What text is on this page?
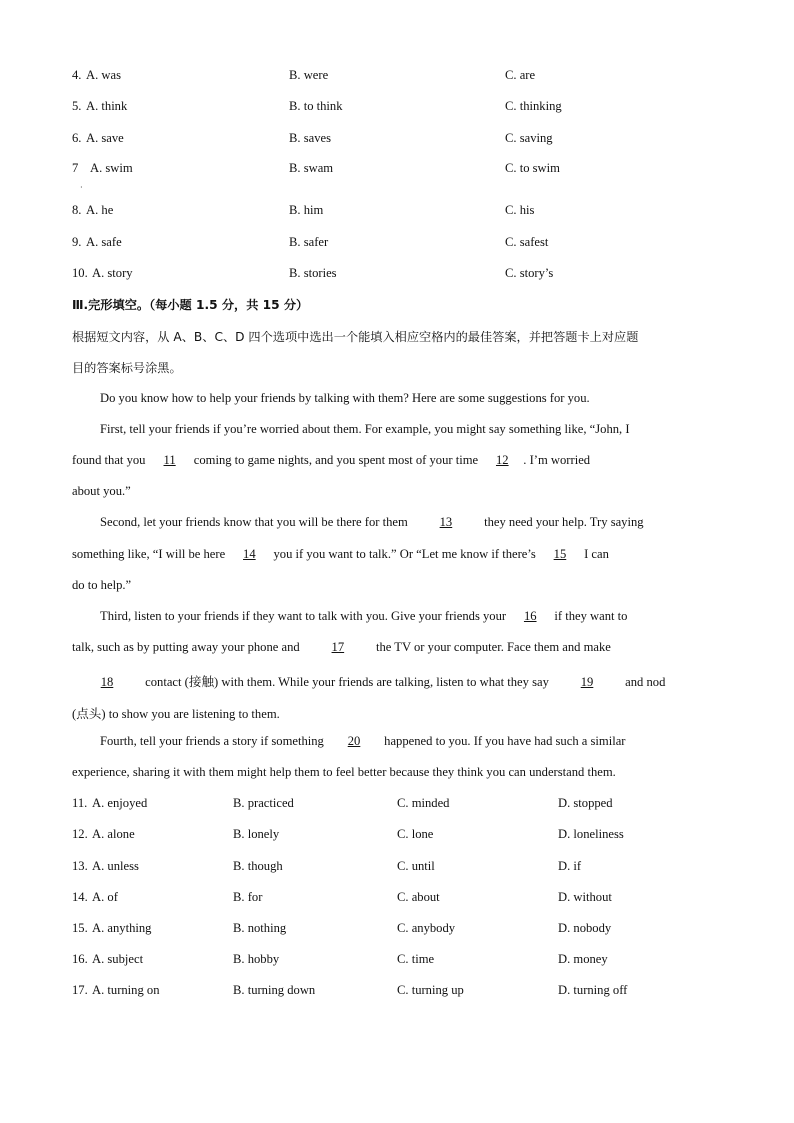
4. A. was	B. were	C. are
5. A. think	B. to think	C. thinking
6. A. save	B. saves	C. saving
7 A. swim	B. swam	C. to swim
·
8. A. he	B. him	C. his
9. A. safe	B. safer	C. safest
10. A. story	B. stories	C. story’s
Ⅲ.完形填空。（每小题 1.5 分，共 15 分）
根据短文内容，从 A、B、C、D 四个选项中选出一个能填入相应空格内的最佳答案，并把答题卡上对应题
目的答案标号涂黑。
Do you know how to help your friends by talking with them? Here are some suggestions for you.
First, tell your friends if you’re worried about them. For example, you might say something like, “John, I
found that you 11 coming to game nights, and you spent most of your time 12 . I’m worried
about you.”
Second, let your friends know that you will be there for them 13 they need your help. Try saying
something like, “I will be here 14 you if you want to talk.” Or “Let me know if there’s 15 I can
do to help.”
Third, listen to your friends if they want to talk with you. Give your friends your 16 if they want to
talk, such as by putting away your phone and 17 the TV or your computer. Face them and make
18 contact (接触) with them. While your friends are talking, listen to what they say 19 and nod
(点头) to show you are listening to them.
Fourth, tell your friends a story if something 20 happened to you. If you have had such a similar
experience, sharing it with them might help them to feel better because they think you can understand them.
11. A. enjoyed	B. practiced	C. minded	D. stopped
12. A. alone	B. lonely	C. lone	D. loneliness
13. A. unless	B. though	C. until	D. if
14. A. of	B. for	C. about	D. without
15. A. anything	B. nothing	C. anybody	D. nobody
16. A. subject	B. hobby	C. time	D. money
17. A. turning on	B. turning down	C. turning up	D. turning off
